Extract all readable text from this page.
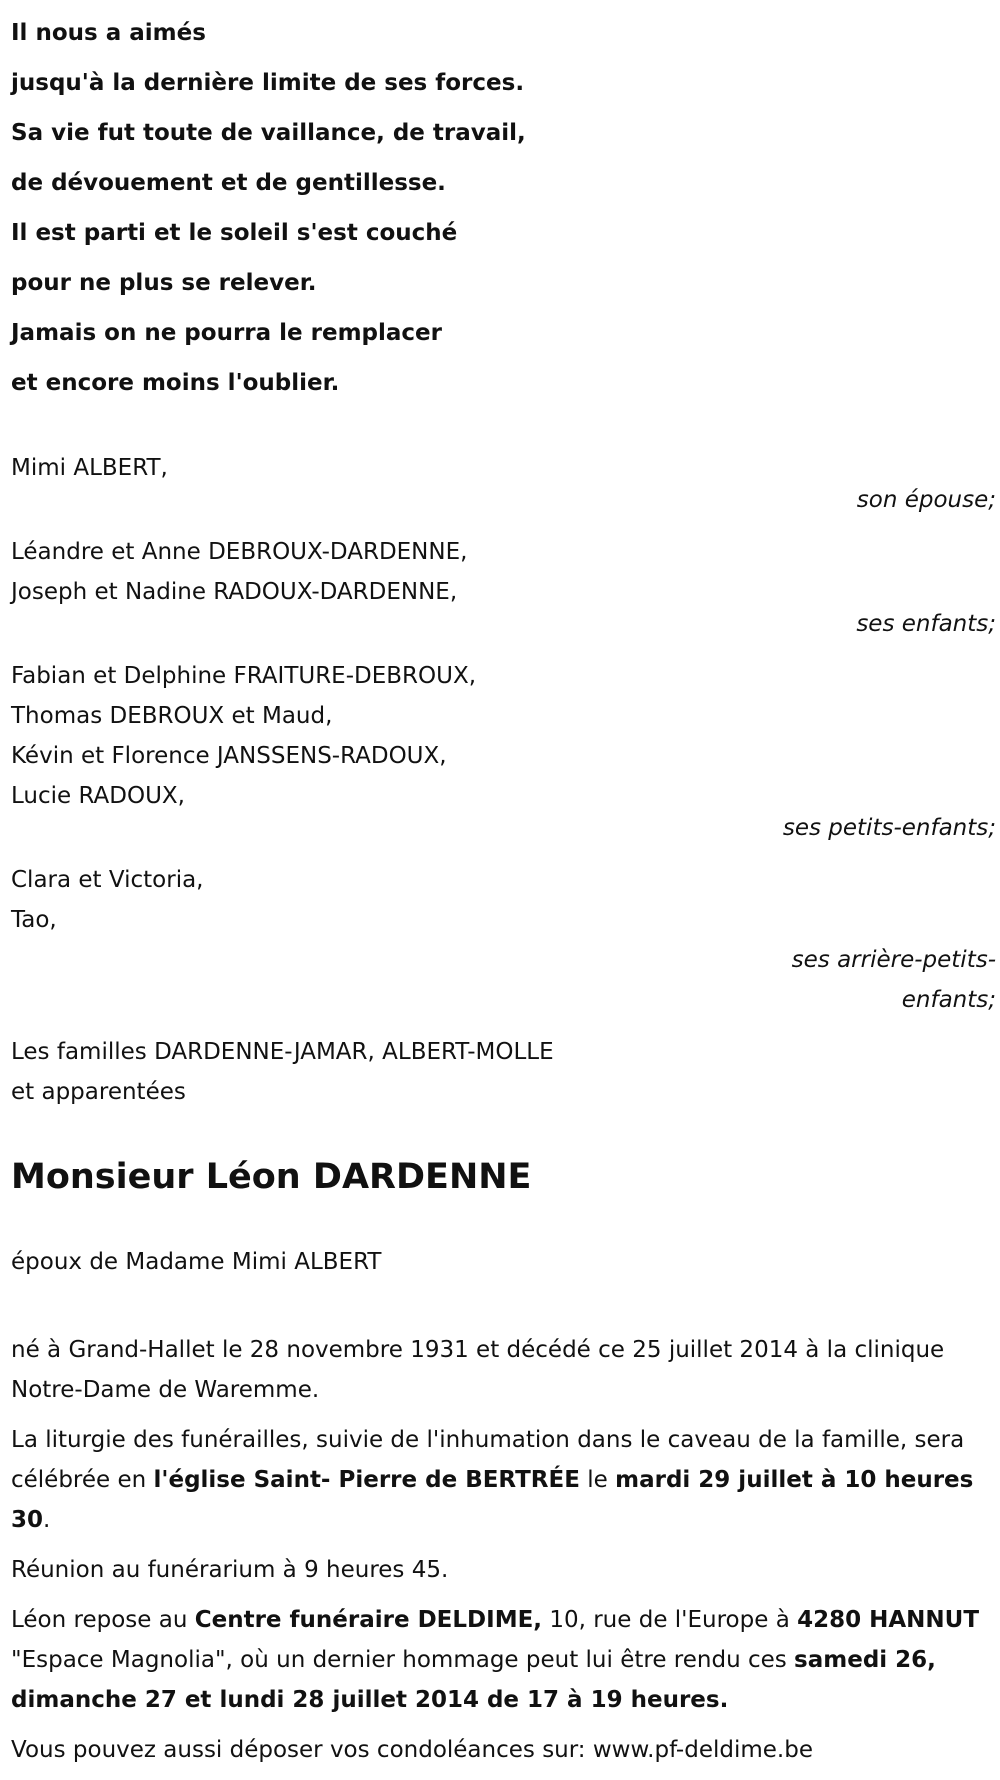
Il nous a aimés
jusqu'à la dernière limite de ses forces.
Sa vie fut toute de vaillance, de travail,
de dévouement et de gentillesse.
Il est parti et le soleil s'est couché
pour ne plus se relever.
Jamais on ne pourra le remplacer
et encore moins l'oublier.
Mimi ALBERT,
son épouse;
Léandre et Anne DEBROUX-DARDENNE,
Joseph et Nadine RADOUX-DARDENNE,
ses enfants;
Fabian et Delphine FRAITURE-DEBROUX,
Thomas DEBROUX et Maud,
Kévin et Florence JANSSENS-RADOUX,
Lucie RADOUX,
ses petits-enfants;
Clara et Victoria,
Tao,
ses arrière-petits-
enfants;
Les familles DARDENNE-JAMAR, ALBERT-MOLLE
et apparentées
Monsieur Léon DARDENNE
époux de Madame Mimi ALBERT

né à Grand-Hallet le 28 novembre 1931 et décédé ce 25 juillet 2014 à la clinique Notre-Dame de Waremme.

La liturgie des funérailles, suivie de l'inhumation dans le caveau de la famille, sera célébrée en l'église Saint- Pierre de BERTRÉE le mardi 29 juillet à 10 heures 30.

Réunion au funérarium à 9 heures 45.

Léon repose au Centre funéraire DELDIME, 10, rue de l'Europe à 4280 HANNUT "Espace Magnolia", où un dernier hommage peut lui être rendu ces samedi 26, dimanche 27 et lundi 28 juillet 2014 de 17 à 19 heures.

Vous pouvez aussi déposer vos condoléances sur: www.pf-deldime.be
